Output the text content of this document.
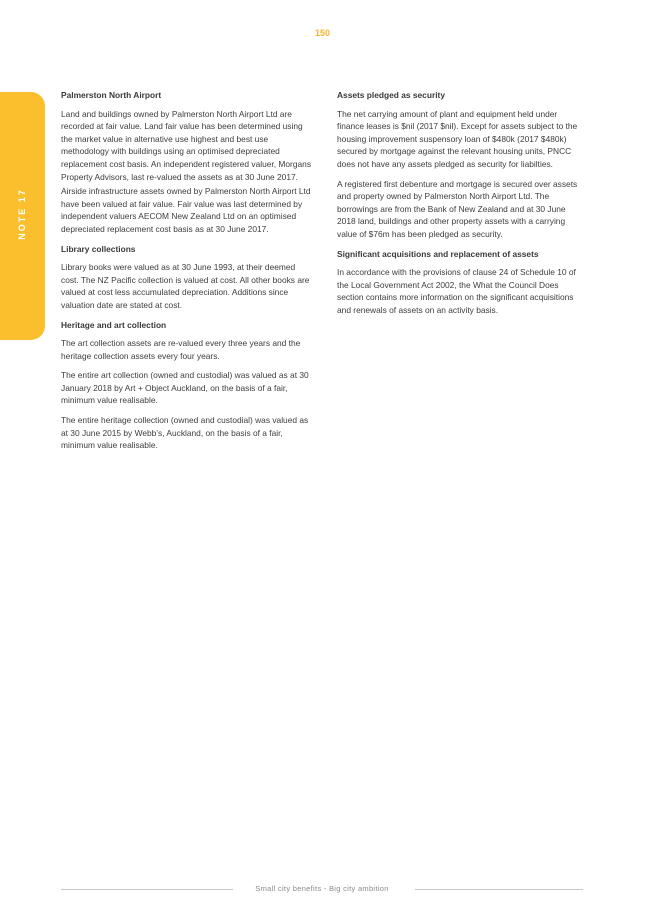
150
NOTE 17

Palmerston North Airport

Land and buildings owned by Palmerston North Airport Ltd are recorded at fair value. Land fair value has been determined using the market value in alternative use highest and best use methodology with buildings using an optimised depreciated replacement cost basis. An independent registered valuer, Morgans Property Advisors, last re-valued the assets as at 30 June 2017.

Airside infrastructure assets owned by Palmerston North Airport Ltd have been valued at fair value. Fair value was last determined by independent valuers AECOM New Zealand Ltd on an optimised depreciated replacement cost basis as at 30 June 2017.

Library collections

Library books were valued as at 30 June 1993, at their deemed cost. The NZ Pacific collection is valued at cost. All other books are valued at cost less accumulated depreciation. Additions since valuation date are stated at cost.

Heritage and art collection

The art collection assets are re-valued every three years and the heritage collection assets every four years.

The entire art collection (owned and custodial) was valued as at 30 January 2018 by Art + Object Auckland, on the basis of a fair, minimum value realisable.

The entire heritage collection (owned and custodial) was valued as at 30 June 2015 by Webb’s, Auckland, on the basis of a fair, minimum value realisable.

Assets pledged as security

The net carrying amount of plant and equipment held under finance leases is $nil (2017 $nil). Except for assets subject to the housing improvement suspensory loan of $480k (2017 $480k) secured by mortgage against the relevant housing units, PNCC does not have any assets pledged as security for liabilties.

A registered first debenture and mortgage is secured over assets and property owned by Palmerston North Airport Ltd. The borrowings are from the Bank of New Zealand and at 30 June 2018 land, buildings and other property assets with a carrying value of $76m has been pledged as security.

Significant acquisitions and replacement of assets

In accordance with the provisions of clause 24 of Schedule 10 of the Local Government Act 2002, the What the Council Does section contains more information on the significant acquisitions and renewals of assets on an activity basis.

Small city benefits - Big city ambition
